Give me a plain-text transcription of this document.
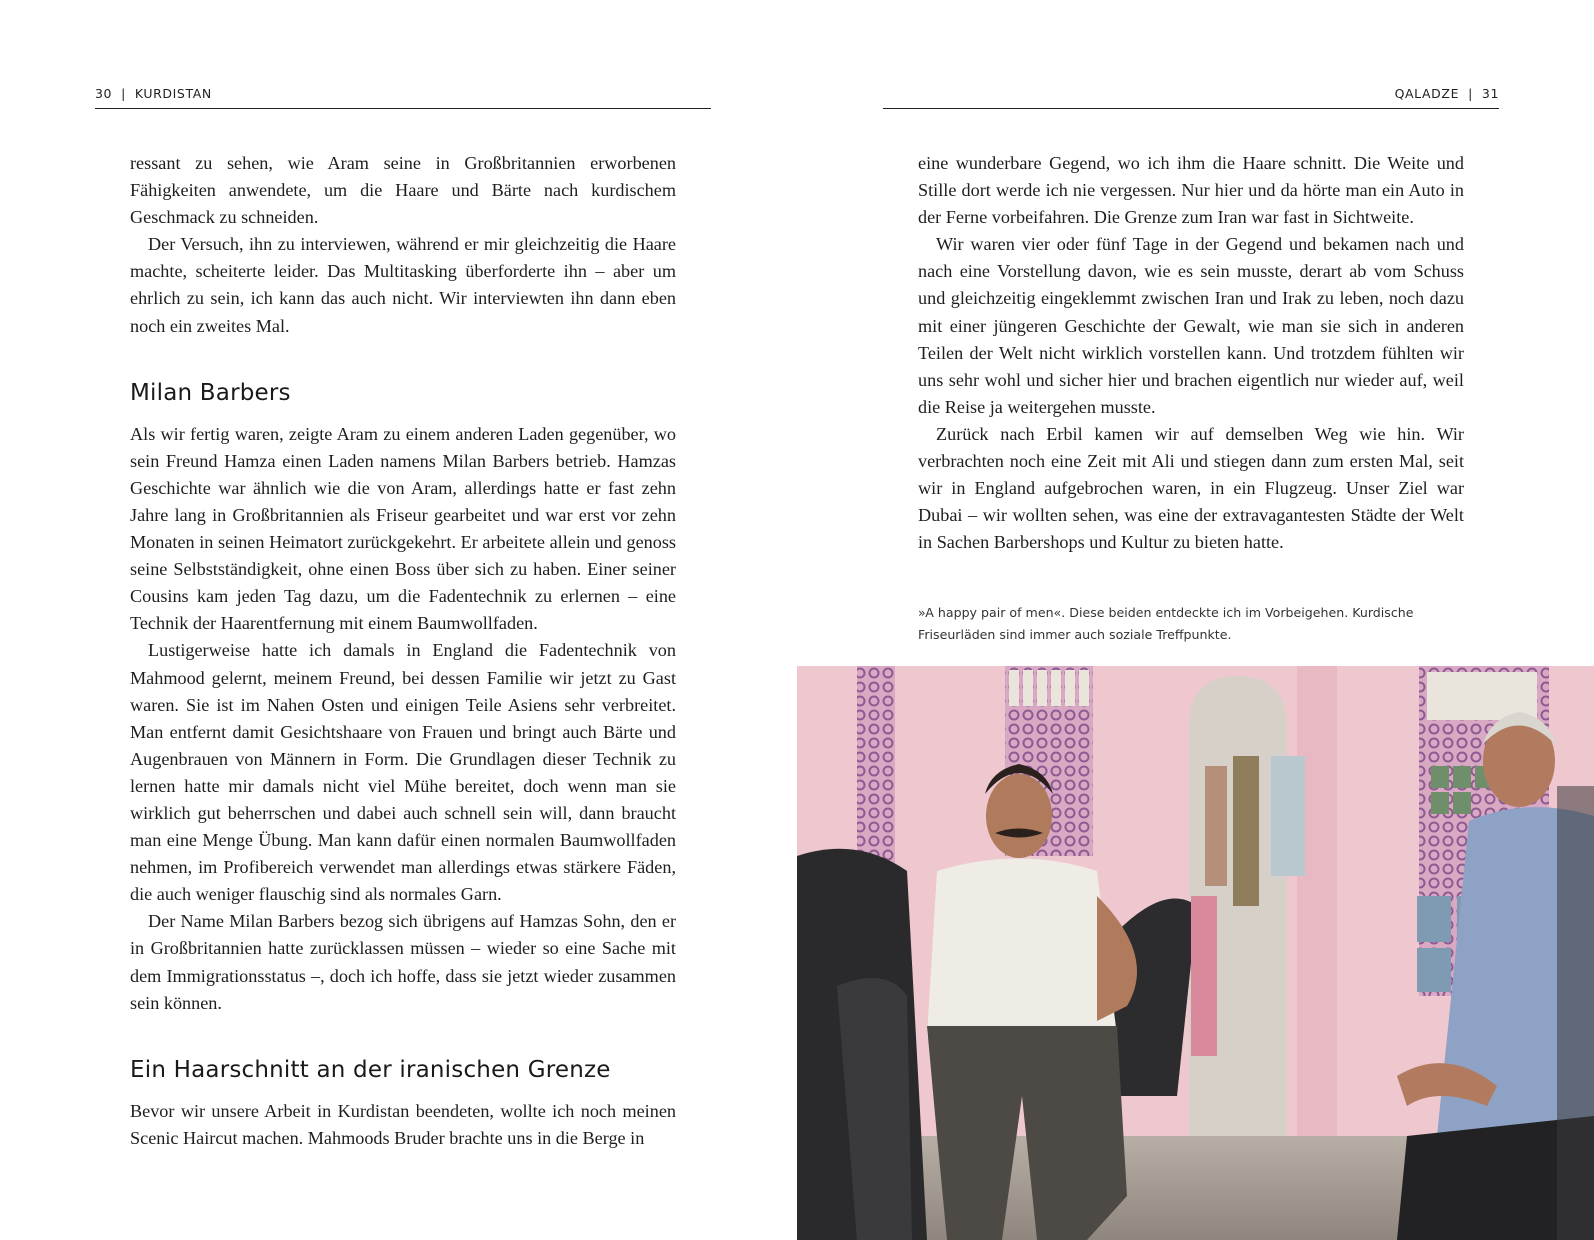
30 | KURDISTAN

ressant zu sehen, wie Aram seine in Großbritannien erworbenen Fähigkeiten anwendete, um die Haare und Bärte nach kurdischem Geschmack zu schneiden.

Der Versuch, ihn zu interviewen, während er mir gleichzeitig die Haare machte, scheiterte leider. Das Multitasking überforderte ihn – aber um ehrlich zu sein, ich kann das auch nicht. Wir interviewten ihn dann eben noch ein zweites Mal.

Milan Barbers

Als wir fertig waren, zeigte Aram zu einem anderen Laden gegenüber, wo sein Freund Hamza einen Laden namens Milan Barbers betrieb. Hamzas Geschichte war ähnlich wie die von Aram, allerdings hatte er fast zehn Jahre lang in Großbritannien als Friseur gearbeitet und war erst vor zehn Monaten in seinen Heimatort zurückgekehrt. Er arbeitete allein und genoss seine Selbstständigkeit, ohne einen Boss über sich zu haben. Einer seiner Cousins kam jeden Tag dazu, um die Fadentechnik zu erlernen – eine Technik der Haarentfernung mit einem Baumwollfaden.

Lustigerweise hatte ich damals in England die Fadentechnik von Mahmood gelernt, meinem Freund, bei dessen Familie wir jetzt zu Gast waren. Sie ist im Nahen Osten und einigen Teile Asiens sehr verbreitet. Man entfernt damit Gesichtshaare von Frauen und bringt auch Bärte und Augenbrauen von Männern in Form. Die Grundlagen dieser Technik zu lernen hatte mir damals nicht viel Mühe bereitet, doch wenn man sie wirklich gut beherrschen und dabei auch schnell sein will, dann braucht man eine Menge Übung. Man kann dafür einen normalen Baumwollfaden nehmen, im Profibereich verwendet man allerdings etwas stärkere Fäden, die auch weniger flauschig sind als normales Garn.

Der Name Milan Barbers bezog sich übrigens auf Hamzas Sohn, den er in Großbritannien hatte zurücklassen müssen – wieder so eine Sache mit dem Immigrationsstatus –, doch ich hoffe, dass sie jetzt wieder zusammen sein können.

Ein Haarschnitt an der iranischen Grenze

Bevor wir unsere Arbeit in Kurdistan beendeten, wollte ich noch meinen Scenic Haircut machen. Mahmoods Bruder brachte uns in die Berge in

QALADZE | 31

eine wunderbare Gegend, wo ich ihm die Haare schnitt. Die Weite und Stille dort werde ich nie vergessen. Nur hier und da hörte man ein Auto in der Ferne vorbeifahren. Die Grenze zum Iran war fast in Sichtweite.

Wir waren vier oder fünf Tage in der Gegend und bekamen nach und nach eine Vorstellung davon, wie es sein musste, derart ab vom Schuss und gleichzeitig eingeklemmt zwischen Iran und Irak zu leben, noch dazu mit einer jüngeren Geschichte der Gewalt, wie man sie sich in anderen Teilen der Welt nicht wirklich vorstellen kann. Und trotzdem fühlten wir uns sehr wohl und sicher hier und brachen eigentlich nur wieder auf, weil die Reise ja weitergehen musste.

Zurück nach Erbil kamen wir auf demselben Weg wie hin. Wir verbrachten noch eine Zeit mit Ali und stiegen dann zum ersten Mal, seit wir in England aufgebrochen waren, in ein Flugzeug. Unser Ziel war Dubai – wir wollten sehen, was eine der extravagantesten Städte der Welt in Sachen Barbershops und Kultur zu bieten hatte.

»A happy pair of men«. Diese beiden entdeckte ich im Vorbeigehen. Kurdische Friseurläden sind immer auch soziale Treffpunkte.
